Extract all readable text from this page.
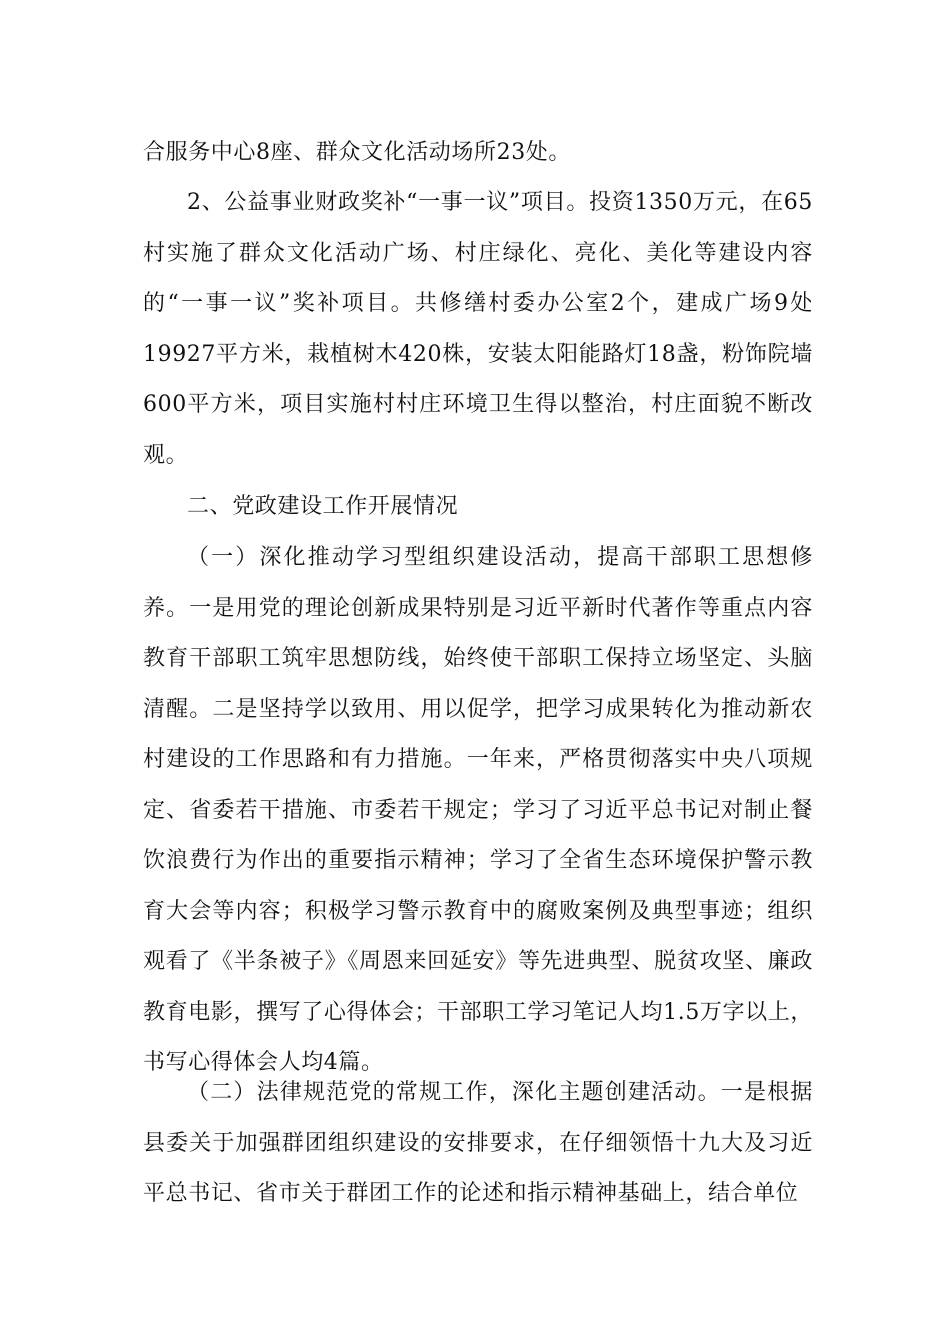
合服务中心8座、群众文化活动场所23处。

2、公益事业财政奖补“一事一议”项目。投资1350万元，在65村实施了群众文化活动广场、村庄绿化、亮化、美化等建设内容的“一事一议”奖补项目。共修缮村委办公室2个，建成广场9处19927平方米，栽植树木420株，安装太阳能路灯18盏，粉饰院墙600平方米，项目实施村村庄环境卫生得以整治，村庄面貌不断改观。

二、党政建设工作开展情况

（一）深化推动学习型组织建设活动，提高干部职工思想修养。一是用党的理论创新成果特别是习近平新时代著作等重点内容教育干部职工筑牢思想防线，始终使干部职工保持立场坚定、头脑清醒。二是坚持学以致用、用以促学，把学习成果转化为推动新农村建设的工作思路和有力措施。一年来，严格贯彻落实中央八项规定、省委若干措施、市委若干规定；学习了习近平总书记对制止餐饮浪费行为作出的重要指示精神；学习了全省生态环境保护警示教育大会等内容；积极学习警示教育中的腐败案例及典型事迹；组织观看了《半条被子》《周恩来回延安》等先进典型、脱贫攻坚、廉政教育电影，撰写了心得体会；干部职工学习笔记人均1.5万字以上，书写心得体会人均4篇。

（二）法律规范党的常规工作，深化主题创建活动。一是根据县委关于加强群团组织建设的安排要求，在仔细领悟十九大及习近平总书记、省市关于群团工作的论述和指示精神基础上，结合单位
